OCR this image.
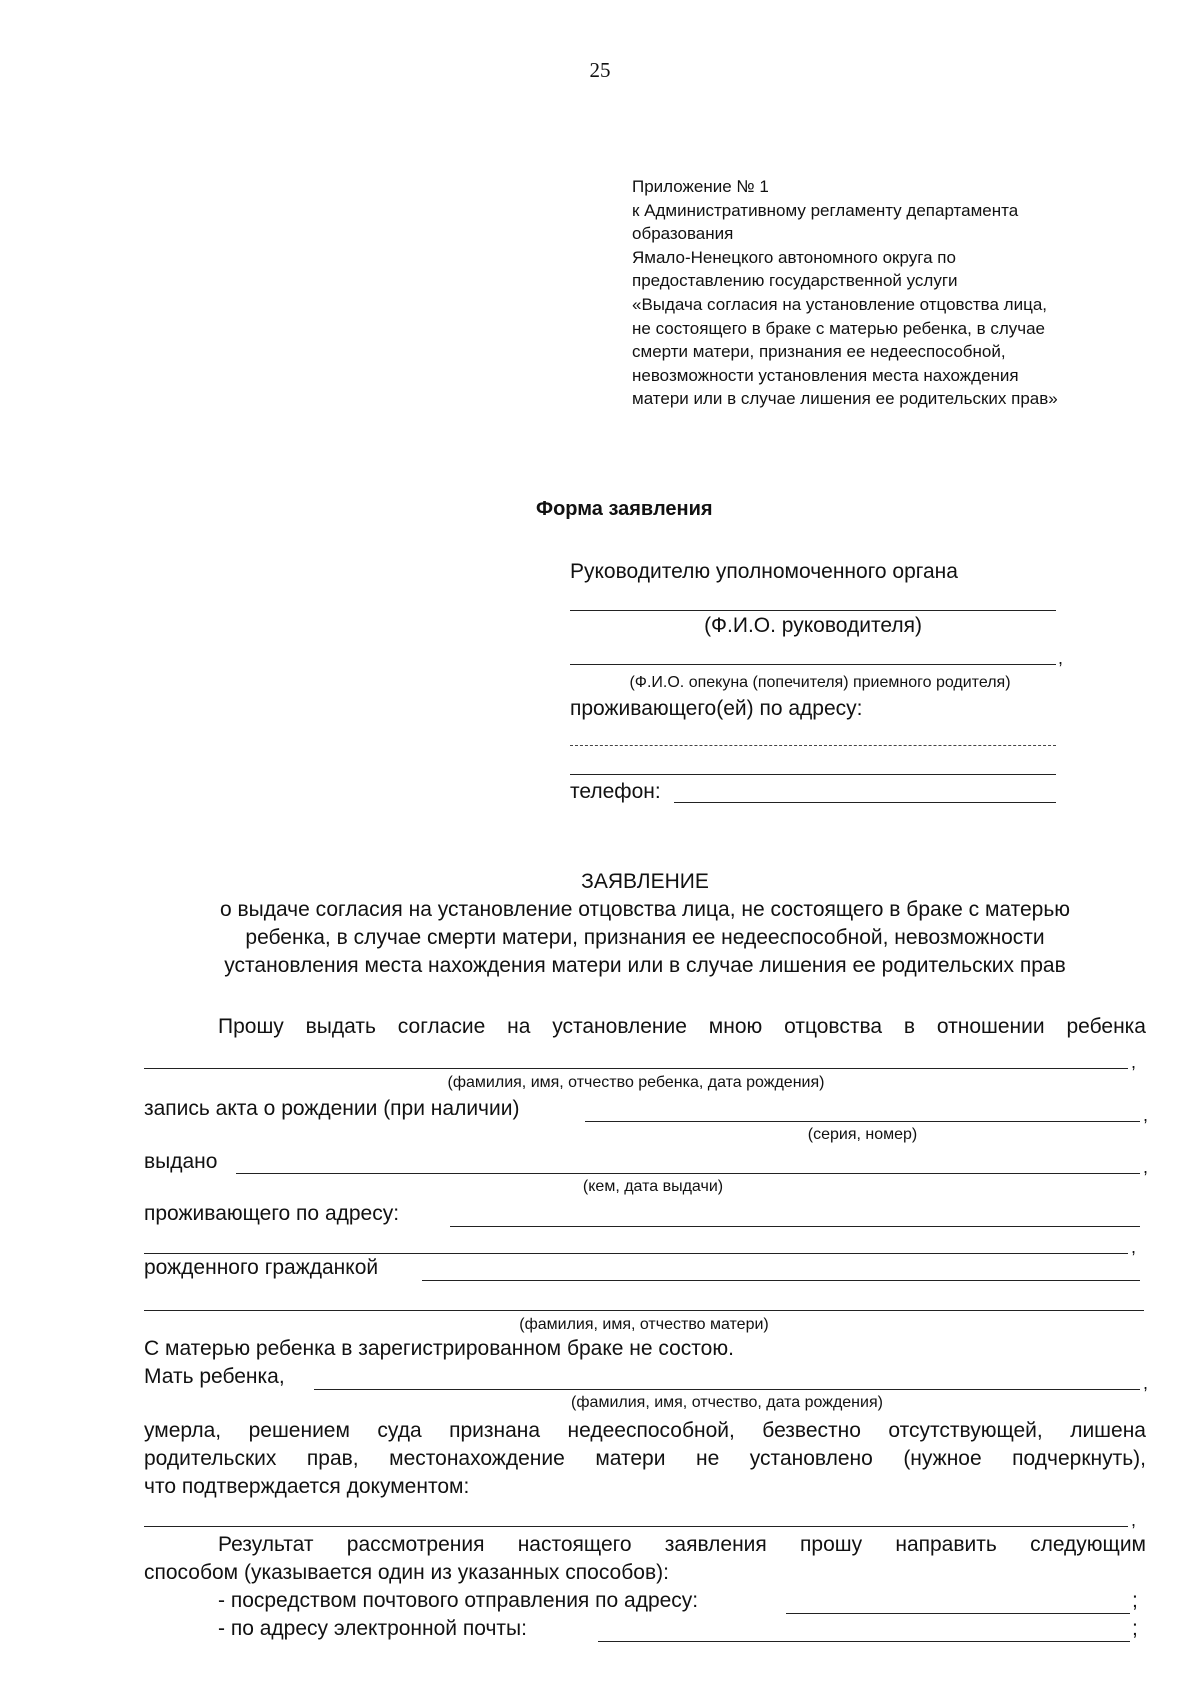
25
Приложение № 1
к Административному регламенту департамента
образования
Ямало-Ненецкого автономного округа по
предоставлению государственной услуги
«Выдача согласия на установление отцовства лица,
не состоящего в браке с матерью ребенка, в случае
смерти матери, признания ее недееспособной,
невозможности установления места нахождения
матери или в случае лишения ее родительских прав»
Форма заявления
Руководителю уполномоченного органа
(Ф.И.О. руководителя)
,
(Ф.И.О. опекуна (попечителя) приемного родителя)
проживающего(ей) по адресу:
телефон:
ЗАЯВЛЕНИЕ
о выдаче согласия на установление отцовства лица, не состоящего в браке с матерью
ребенка, в случае смерти матери, признания ее недееспособной, невозможности
установления места нахождения матери или в случае лишения ее родительских прав
Прошу выдать согласие на установление мною отцовства в отношении ребенка
,
(фамилия, имя, отчество ребенка, дата рождения)
запись акта о рождении (при наличии)	,
(серия, номер)
выдано	,
(кем, дата выдачи)
проживающего по адресу:
,
рожденного гражданкой
(фамилия, имя, отчество матери)
С матерью ребенка в зарегистрированном браке не состою.
Мать ребенка,	,
(фамилия, имя, отчество, дата рождения)
умерла, решением суда признана недееспособной, безвестно отсутствующей, лишена
родительских прав, местонахождение матери не установлено (нужное подчеркнуть),
что подтверждается документом:
,
Результат рассмотрения настоящего заявления прошу направить следующим
способом (указывается один из указанных способов):
- посредством почтового отправления по адресу:	;
- по адресу электронной почты:	;
